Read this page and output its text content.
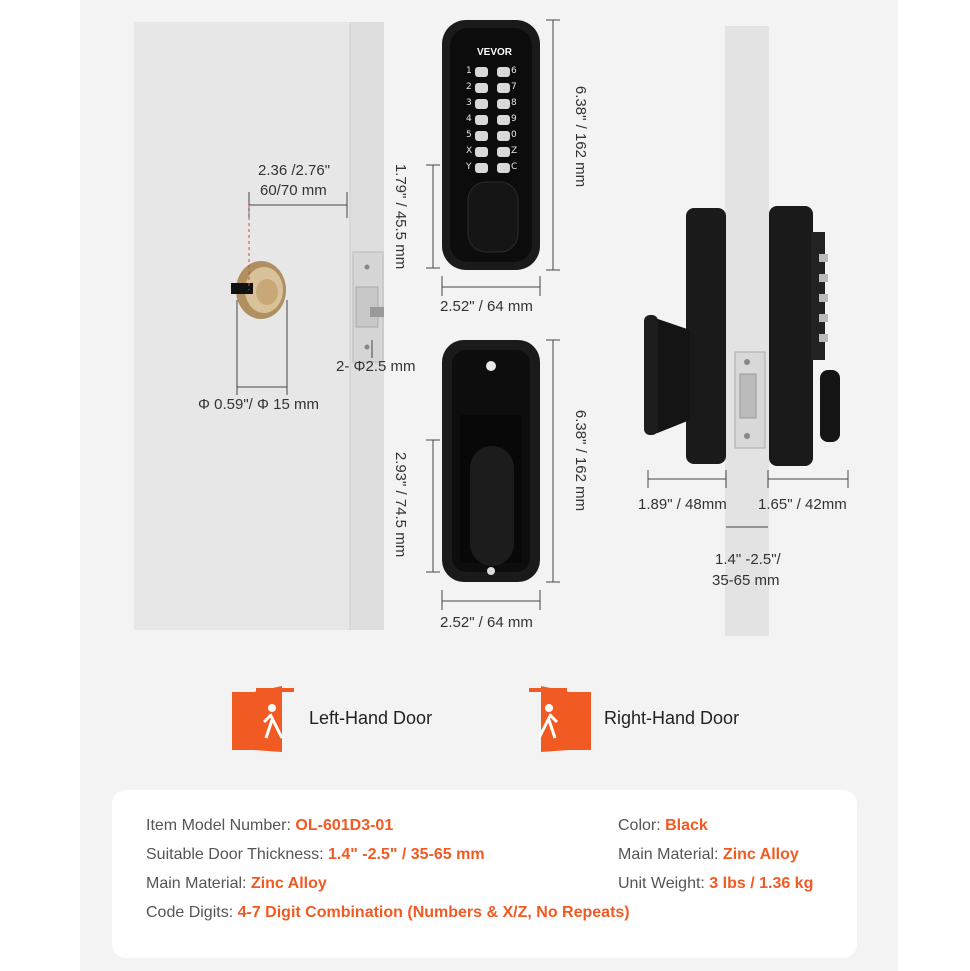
2.36 /2.76"
60/70 mm
Φ 0.59"/ Φ 15 mm
2- Φ2.5 mm
VEVOR
1
2
3
4
5
X
Y
6
7
8
9
0
Z
C	6.38" / 162 mm
1.79" / 45.5 mm
2.52" / 64 mm
6.38" / 162 mm
2.93" / 74.5 mm
2.52" / 64 mm
1.89" / 48mm 1.65" / 42mm
1.4" -2.5"/
35-65 mm
Left-Hand Door	Right-Hand Door
Item Model Number: OL-601D3-01
Suitable Door Thickness: 1.4" -2.5" / 35-65 mm
Main Material: Zinc Alloy
Code Digits: 4-7 Digit Combination (Numbers & X/Z, No Repeats)
Color: Black
Main Material: Zinc Alloy
Unit Weight: 3 lbs / 1.36 kg
